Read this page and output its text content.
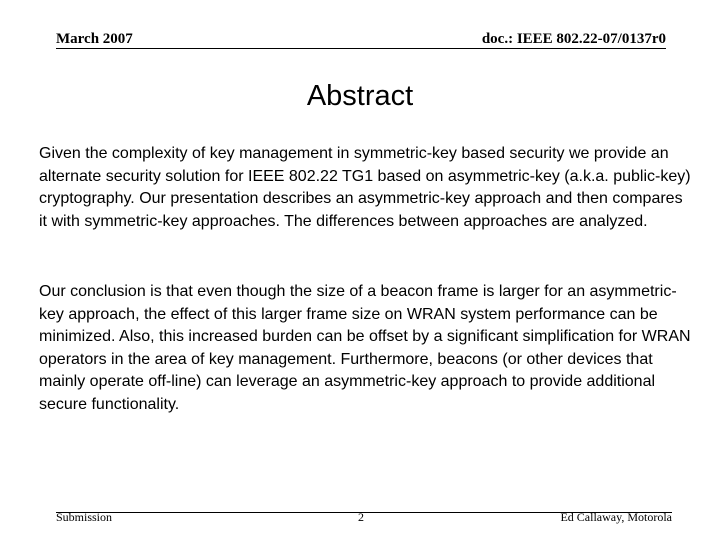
March 2007	doc.: IEEE 802.22-07/0137r0
Abstract

Given the complexity of key management in symmetric-key based security we provide an alternate security solution for IEEE 802.22 TG1 based on asymmetric-key (a.k.a. public-key) cryptography. Our presentation describes an asymmetric-key approach and then compares it with symmetric-key approaches. The differences between approaches are analyzed.

Our conclusion is that even though the size of a beacon frame is larger for an asymmetric-key approach, the effect of this larger frame size on WRAN system performance can be minimized. Also, this increased burden can be offset by a significant simplification for WRAN operators in the area of key management. Furthermore, beacons (or other devices that mainly operate off-line) can leverage an asymmetric-key approach to provide additional secure functionality.

Submission	2	Ed Callaway, Motorola
